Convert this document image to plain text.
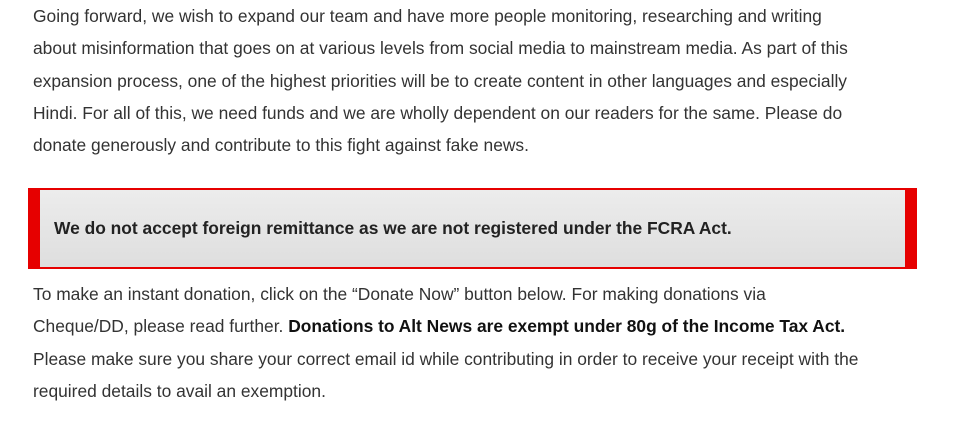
Going forward, we wish to expand our team and have more people monitoring, researching and writing
about misinformation that goes on at various levels from social media to mainstream media. As part of this
expansion process, one of the highest priorities will be to create content in other languages and especially
Hindi. For all of this, we need funds and we are wholly dependent on our readers for the same. Please do
donate generously and contribute to this fight against fake news.
We do not accept foreign remittance as we are not registered under the FCRA Act.
To make an instant donation, click on the “Donate Now” button below. For making donations via
Cheque/DD, please read further. Donations to Alt News are exempt under 80g of the Income Tax Act.
Please make sure you share your correct email id while contributing in order to receive your receipt with the
required details to avail an exemption.
